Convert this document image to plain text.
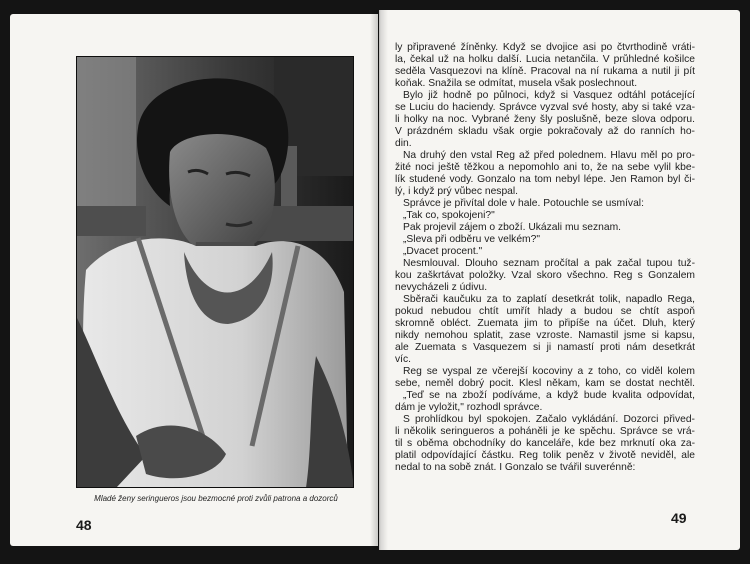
Mladé ženy seringueros jsou bezmocné proti zvůli patrona a dozorců
48
ly připravené žíněnky. Když se dvojice asi po čtvrthodině vráti-
la, čekal už na holku další. Lucia netančila. V průhledné košilce
seděla Vasquezovi na klíně. Pracoval na ní rukama a nutil ji pít
koňak. Snažila se odmítat, musela však poslechnout.
Bylo již hodně po půlnoci, když si Vasquez odtáhl potácející
se Luciu do haciendy. Správce vyzval své hosty, aby si také vza-
li holky na noc. Vybrané ženy šly poslušně, beze slova odporu.
V prázdném skladu však orgie pokračovaly až do ranních ho-
din.
Na druhý den vstal Reg až před polednem. Hlavu měl po pro-
žité noci ještě těžkou a nepomohlo ani to, že na sebe vylil kbe-
lík studené vody. Gonzalo na tom nebyl lépe. Jen Ramon byl či-
lý, i když prý vůbec nespal.
Správce je přivítal dole v hale. Potouchle se usmíval:
„Tak co, spokojeni?"
Pak projevil zájem o zboží. Ukázali mu seznam.
„Sleva při odběru ve velkém?"
„Dvacet procent."
Nesmlouval. Dlouho seznam pročítal a pak začal tupou tuž-
kou zaškrtávat položky. Vzal skoro všechno. Reg s Gonzalem
nevycházeli z údivu.
Sběrači kaučuku za to zaplatí desetkrát tolik, napadlo Rega,
pokud nebudou chtít umřít hlady a budou se chtít aspoň
skromně obléct. Zuemata jim to připíše na účet. Dluh, který
nikdy nemohou splatit, zase vzroste. Namastil jsme si kapsu,
ale Zuemata s Vasquezem si ji namastí proti nám desetkrát
víc.
Reg se vyspal ze včerejší kocoviny a z toho, co viděl kolem
sebe, neměl dobrý pocit. Klesl někam, kam se dostat nechtěl.
„Teď se na zboží podíváme, a když bude kvalita odpovídat,
dám je vyložit," rozhodl správce.
S prohlídkou byl spokojen. Začalo vykládání. Dozorci přived-
li několik seringueros a poháněli je ke spěchu. Správce se vrá-
til s oběma obchodníky do kanceláře, kde bez mrknutí oka za-
platil odpovídající částku. Reg tolik peněz v životě neviděl, ale
nedal to na sobě znát. I Gonzalo se tvářil suverénně:
49
